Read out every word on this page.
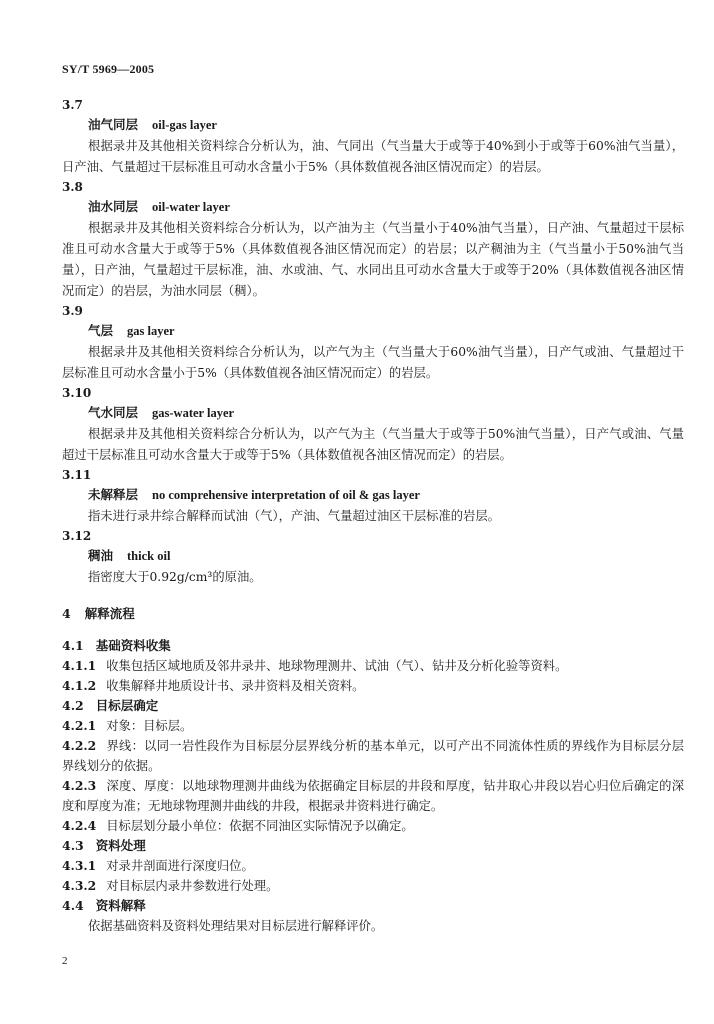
SY/T 5969—2005
3.7
油气同层 oil-gas layer
根据录井及其他相关资料综合分析认为，油、气同出（气当量大于或等于40%到小于或等于60%油气当量），日产油、气量超过干层标准且可动水含量小于5%（具体数值视各油区情况而定）的岩层。
3.8
油水同层 oil-water layer
根据录井及其他相关资料综合分析认为，以产油为主（气当量小于40%油气当量），日产油、气量超过干层标准且可动水含量大于或等于5%（具体数值视各油区情况而定）的岩层；以产稠油为主（气当量小于50%油气当量），日产油，气量超过干层标准，油、水或油、气、水同出且可动水含量大于或等于20%（具体数值视各油区情况而定）的岩层，为油水同层（稠）。
3.9
气层 gas layer
根据录井及其他相关资料综合分析认为，以产气为主（气当量大于60%油气当量），日产气或油、气量超过干层标准且可动水含量小于5%（具体数值视各油区情况而定）的岩层。
3.10
气水同层 gas-water layer
根据录井及其他相关资料综合分析认为，以产气为主（气当量大于或等于50%油气当量），日产气或油、气量超过干层标准且可动水含量大于或等于5%（具体数值视各油区情况而定）的岩层。
3.11
未解释层 no comprehensive interpretation of oil & gas layer
指未进行录井综合解释而试油（气），产油、气量超过油区干层标准的岩层。
3.12
稠油 thick oil
指密度大于0.92g/cm³的原油。
4 解释流程
4.1 基础资料收集
4.1.1 收集包括区域地质及邻井录井、地球物理测井、试油（气）、钻井及分析化验等资料。
4.1.2 收集解释井地质设计书、录井资料及相关资料。
4.2 目标层确定
4.2.1 对象：目标层。
4.2.2 界线：以同一岩性段作为目标层分层界线分析的基本单元，以可产出不同流体性质的界线作为目标层分层界线划分的依据。
4.2.3 深度、厚度：以地球物理测井曲线为依据确定目标层的井段和厚度，钻井取心井段以岩心归位后确定的深度和厚度为准；无地球物理测井曲线的井段，根据录井资料进行确定。
4.2.4 目标层划分最小单位：依据不同油区实际情况予以确定。
4.3 资料处理
4.3.1 对录井剖面进行深度归位。
4.3.2 对目标层内录井参数进行处理。
4.4 资料解释
依据基础资料及资料处理结果对目标层进行解释评价。
2
